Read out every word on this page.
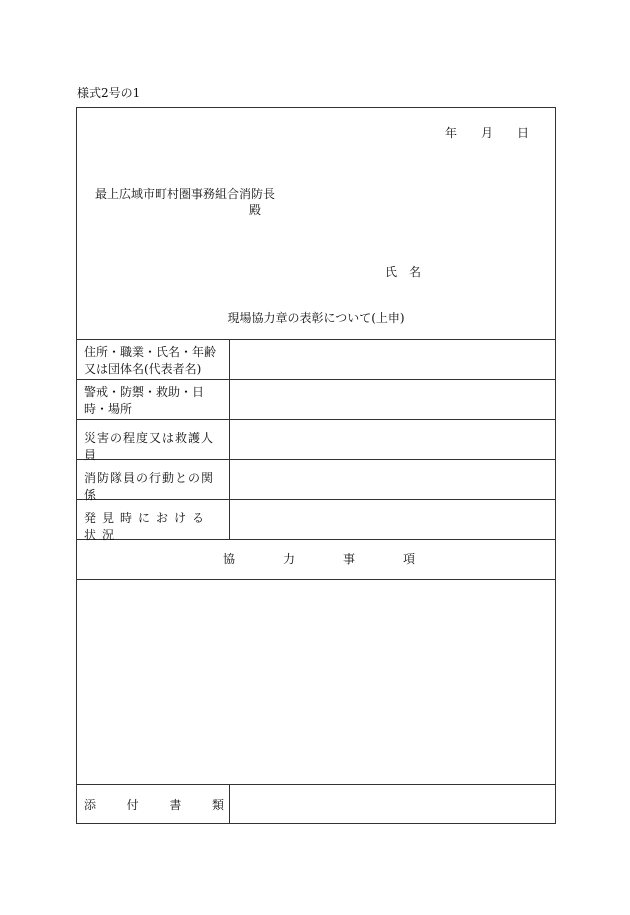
様式2号の1
年 月 日
最上広域市町村圏事務組合消防長
殿
氏 名
現場協力章の表彰について(上申)
住所・職業・氏名・年齢又は団体名(代表者名)
警戒・防禦・救助・日時・場所
災害の程度又は救護人員
消防隊員の行動との関係
発見時における状況
協	力	事	項
添	付	書	類
